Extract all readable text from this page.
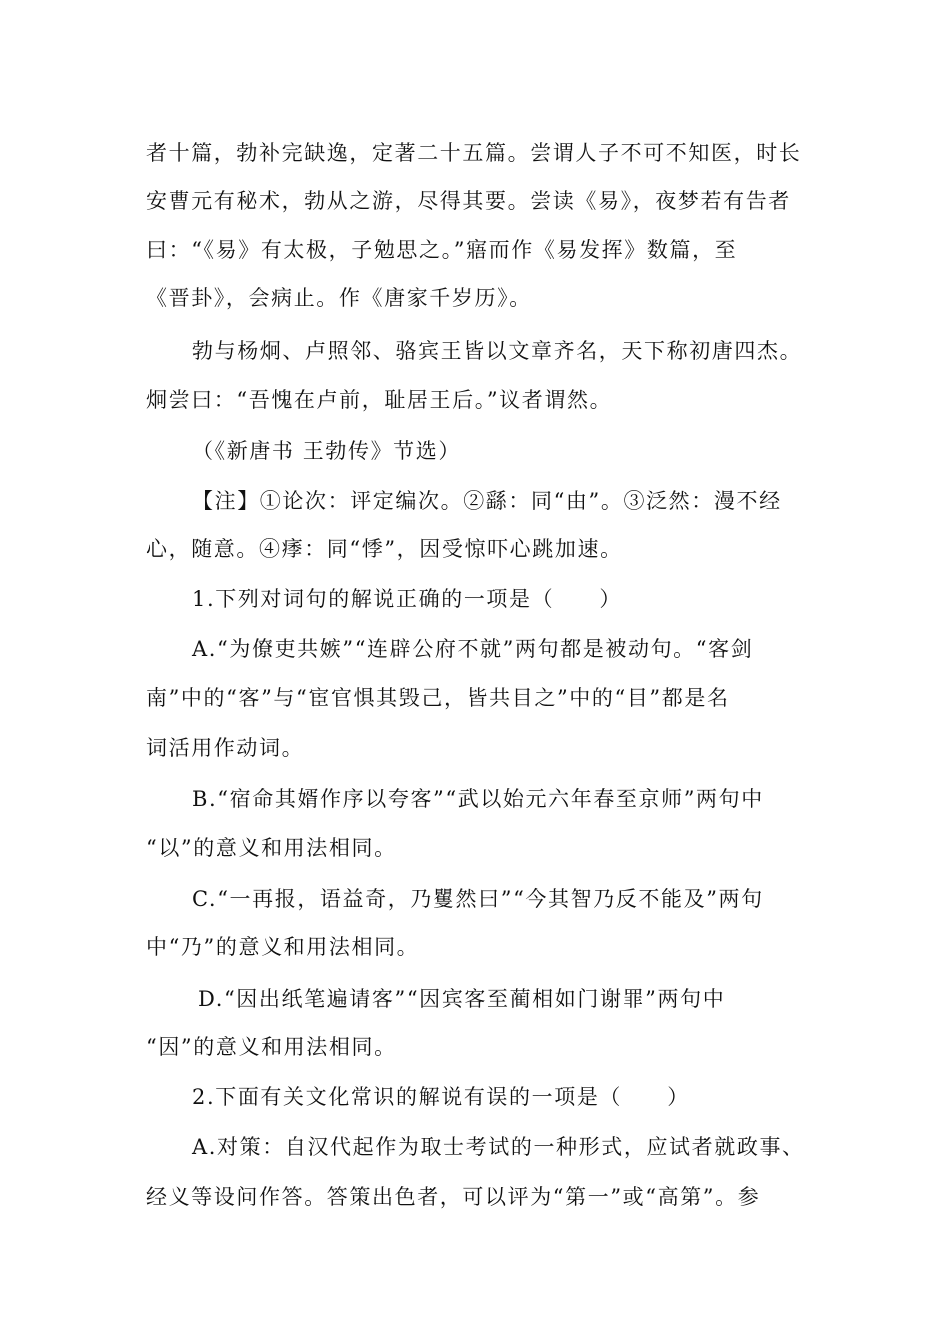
者十篇，勃补完缺逸，定著二十五篇。尝谓人子不可不知医，时长
安曹元有秘术，勃从之游，尽得其要。尝读《易》，夜梦若有告者
曰：“《易》有太极，子勉思之。”寤而作《易发挥》数篇，至
《晋卦》，会病止。作《唐家千岁历》。
勃与杨炯、卢照邻、骆宾王皆以文章齐名，天下称初唐四杰。
炯尝曰：“吾愧在卢前，耻居王后。”议者谓然。
（《新唐书 王勃传》节选）
【注】①论次：评定编次。②繇：同“由”。③泛然：漫不经
心，随意。④痵：同“悸”，因受惊吓心跳加速。
1.下列对词句的解说正确的一项是（　　）
A.“为僚吏共嫉”“连辟公府不就”两句都是被动句。“客剑
南”中的“客”与“宦官惧其毁己，皆共目之”中的“目”都是名
词活用作动词。
B.“宿命其婿作序以夸客”“武以始元六年春至京师”两句中
“以”的意义和用法相同。
C.“一再报，语益奇，乃矍然曰”“今其智乃反不能及”两句
中“乃”的意义和用法相同。
D.“因出纸笔遍请客”“因宾客至蔺相如门谢罪”两句中
“因”的意义和用法相同。
2.下面有关文化常识的解说有误的一项是（　　）
A.对策：自汉代起作为取士考试的一种形式，应试者就政事、
经义等设问作答。答策出色者，可以评为“第一”或“高第”。参
